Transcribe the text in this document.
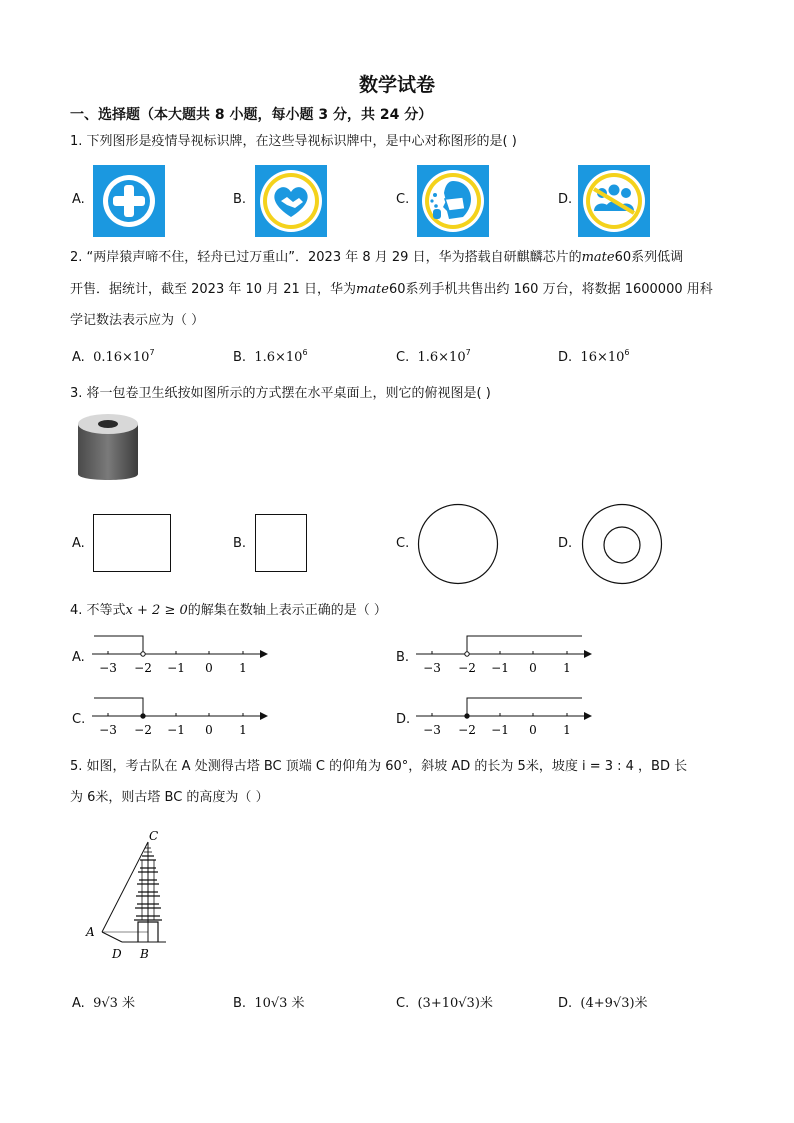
数学试卷
一、选择题（本大题共 8 小题，每小题 3 分，共 24 分）
1. 下列图形是疫情导视标识牌，在这些导视标识牌中，是中心对称图形的是( )
A.	B.	C.	D.
2. “两岸猿声啼不住，轻舟已过万重山”．2023 年 8 月 29 日，华为搭载自研麒麟芯片的mate60系列低调
开售．据统计，截至 2023 年 10 月 21 日，华为mate60系列手机共售出约 160 万台，将数据 1600000 用科
学记数法表示应为（ ）
A. $0.16\times 10^7$	B. $1.6\times 10^6$	C. $1.6\times 10^7$	D. $16\times 10^6$
3. 将一包卷卫生纸按如图所示的方式摆在水平桌面上，则它的俯视图是( )
A.	B.	C.	D.
4. 不等式x + 2 ≥ 0的解集在数轴上表示正确的是（ ）
A.
−3 −2 −1 0 1
B.
−3 −2 −1 0 1
C.
−3 −2 −1 0 1
D.
−3 −2 −1 0 1
5. 如图，考古队在 A 处测得古塔 BC 顶端 C 的仰角为 60°，斜坡 AD 的长为 5米，坡度 i = 3 : 4 ，BD 长
为 6米，则古塔 BC 的高度为（ ）
C
A
D B
A. 9√3 米	B. 10√3 米	C. (3+10√3)米	D. (4+9√3)米
